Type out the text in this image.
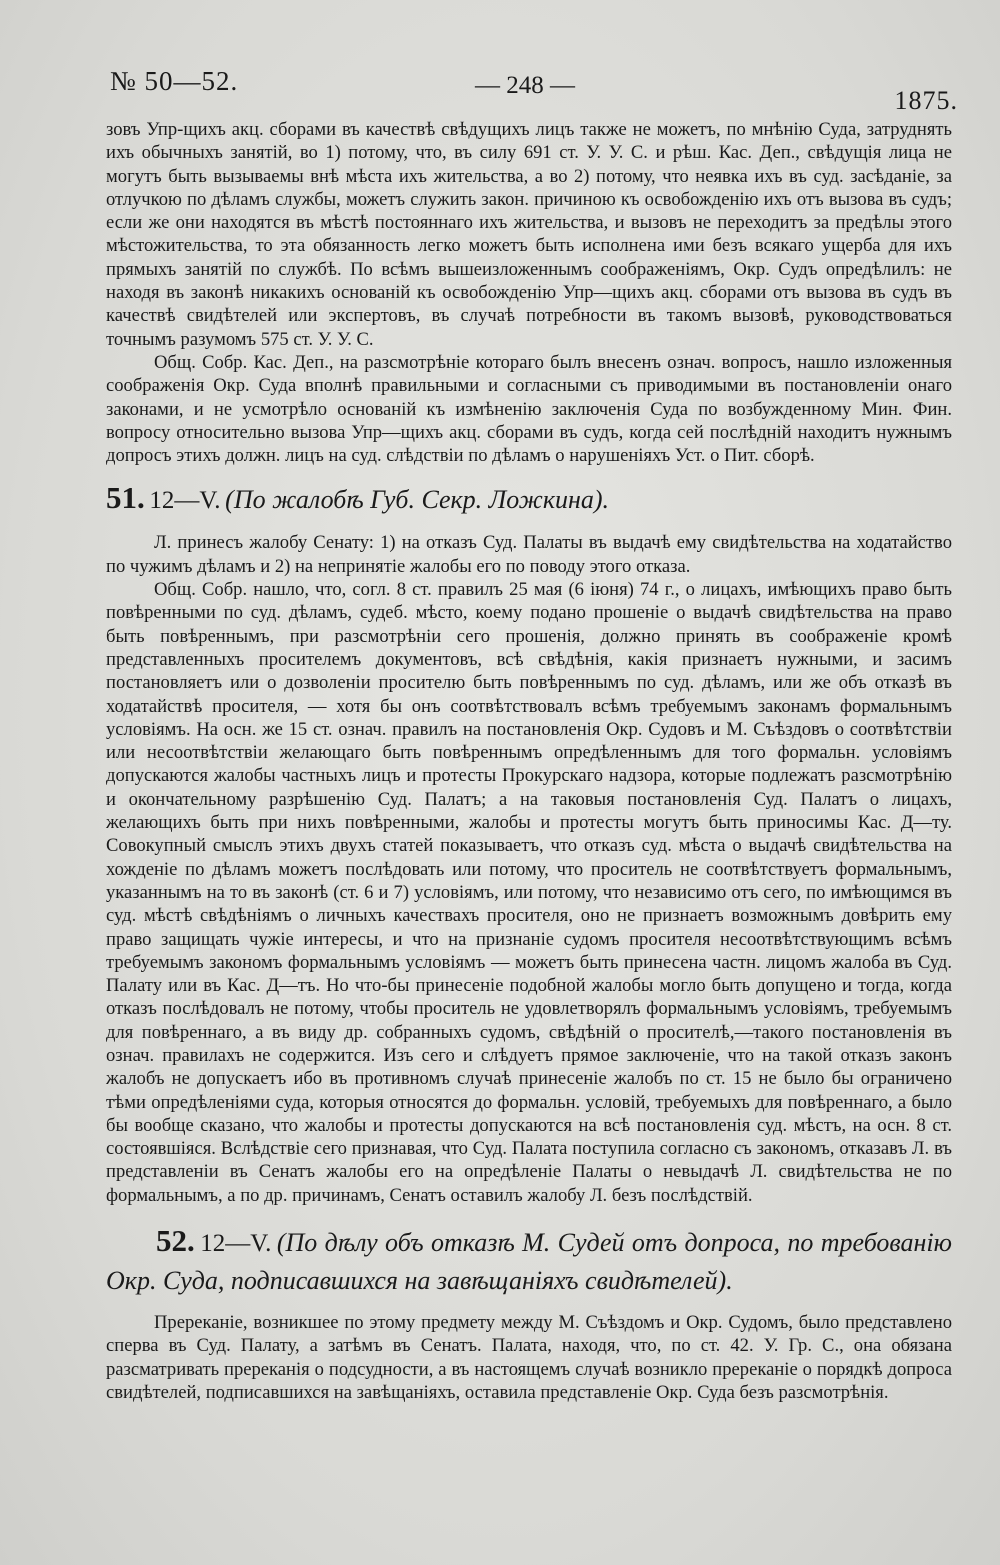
№ 50—52.	— 248 —
1875.

зовъ Упр-щихъ акц. сборами въ качествѣ свѣдущихъ лицъ также не можетъ, по мнѣнію Суда, затруднять ихъ обычныхъ занятій, во 1) потому, что, въ силу 691 ст. У. У. С. и рѣш. Кас. Деп., свѣдущія лица не могутъ быть вызываемы внѣ мѣста ихъ жительства, а во 2) потому, что неявка ихъ въ суд. засѣданіе, за отлучкою по дѣламъ службы, можетъ служить закон. причиною къ освобожденію ихъ отъ вызова въ судъ; если же они находятся въ мѣстѣ постояннаго ихъ жительства, и вызовъ не переходитъ за предѣлы этого мѣстожительства, то эта обязанность легко можетъ быть исполнена ими безъ всякаго ущерба для ихъ прямыхъ занятій по службѣ. По всѣмъ вышеизложеннымъ соображеніямъ, Окр. Судъ опредѣлилъ: не находя въ законѣ никакихъ основаній къ освобожденію Упр—щихъ акц. сборами отъ вызова въ судъ въ качествѣ свидѣтелей или экспертовъ, въ случаѣ потребности въ такомъ вызовѣ, руководствоваться точнымъ разумомъ 575 ст. У. У. С.

Общ. Собр. Кас. Деп., на разсмотрѣніе котораго былъ внесенъ означ. вопросъ, нашло изложенныя соображенія Окр. Суда вполнѣ правильными и согласными съ приводимыми въ постановленіи онаго законами, и не усмотрѣло основаній къ измѣненію заключенія Суда по возбужденному Мин. Фин. вопросу относительно вызова Упр—щихъ акц. сборами въ судъ, когда сей послѣдній находитъ нужнымъ допросъ этихъ должн. лицъ на суд. слѣдствіи по дѣламъ о нарушеніяхъ Уст. о Пит. сборѣ.

51. 12—V. (По жалобѣ Губ. Секр. Ложкина).

Л. принесъ жалобу Сенату: 1) на отказъ Суд. Палаты въ выдачѣ ему свидѣтельства на ходатайство по чужимъ дѣламъ и 2) на непринятіе жалобы его по поводу этого отказа.

Общ. Собр. нашло, что, согл. 8 ст. правилъ 25 мая (6 іюня) 74 г., о лицахъ, имѣющихъ право быть повѣренными по суд. дѣламъ, судеб. мѣсто, коему подано прошеніе о выдачѣ свидѣтельства на право быть повѣреннымъ, при разсмотрѣніи сего прошенія, должно принять въ соображеніе кромѣ представленныхъ просителемъ документовъ, всѣ свѣдѣнія, какія признаетъ нужными, и засимъ постановляетъ или о дозволеніи просителю быть повѣреннымъ по суд. дѣламъ, или же объ отказѣ въ ходатайствѣ просителя, — хотя бы онъ соотвѣтствовалъ всѣмъ требуемымъ законамъ формальнымъ условіямъ. На осн. же 15 ст. означ. правилъ на постановленія Окр. Судовъ и М. Съѣздовъ о соотвѣтствіи или несоотвѣтствіи желающаго быть повѣреннымъ опредѣленнымъ для того формальн. условіямъ допускаются жалобы частныхъ лицъ и протесты Прокурскаго надзора, которые подлежатъ разсмотрѣнію и окончательному разрѣшенію Суд. Палатъ; а на таковыя постановленія Суд. Палатъ о лицахъ, желающихъ быть при нихъ повѣренными, жалобы и протесты могутъ быть приносимы Кас. Д—ту. Совокупный смыслъ этихъ двухъ статей показываетъ, что отказъ суд. мѣста о выдачѣ свидѣтельства на хожденіе по дѣламъ можетъ послѣдовать или потому, что проситель не соотвѣтствуетъ формальнымъ, указаннымъ на то въ законѣ (ст. 6 и 7) условіямъ, или потому, что независимо отъ сего, по имѣющимся въ суд. мѣстѣ свѣдѣніямъ о личныхъ качествахъ просителя, оно не признаетъ возможнымъ довѣрить ему право защищать чужіе интересы, и что на признаніе судомъ просителя несоотвѣтствующимъ всѣмъ требуемымъ закономъ формальнымъ условіямъ — можетъ быть принесена частн. лицомъ жалоба въ Суд. Палату или въ Кас. Д—тъ. Но что-бы принесеніе подобной жалобы могло быть допущено и тогда, когда отказъ послѣдовалъ не потому, чтобы проситель не удовлетворялъ формальнымъ условіямъ, требуемымъ для повѣреннаго, а въ виду др. собранныхъ судомъ, свѣдѣній о просителѣ,—такого постановленія въ означ. правилахъ не содержится. Изъ сего и слѣдуетъ прямое заключеніе, что на такой отказъ законъ жалобъ не допускаетъ ибо въ противномъ случаѣ принесеніе жалобъ по ст. 15 не было бы ограничено тѣми опредѣленіями суда, которыя относятся до формальн. условій, требуемыхъ для повѣреннаго, а было бы вообще сказано, что жалобы и протесты допускаются на всѣ постановленія суд. мѣстъ, на осн. 8 ст. состоявшіяся. Вслѣдствіе сего признавая, что Суд. Палата поступила согласно съ закономъ, отказавъ Л. въ представленіи въ Сенатъ жалобы его на опредѣленіе Палаты о невыдачѣ Л. свидѣтельства не по формальнымъ, а по др. причинамъ, Сенатъ оставилъ жалобу Л. безъ послѣдствій.

52. 12—V. (По дѣлу объ отказѣ М. Судей отъ допроса, по требованію Окр. Суда, подписавшихся на завѣщаніяхъ свидѣтелей).

Пререканіе, возникшее по этому предмету между М. Съѣздомъ и Окр. Судомъ, было представлено сперва въ Суд. Палату, а затѣмъ въ Сенатъ. Палата, находя, что, по ст. 42. У. Гр. С., она обязана разсматривать пререканія о подсудности, а въ настоящемъ случаѣ возникло пререканіе о порядкѣ допроса свидѣтелей, подписавшихся на завѣщаніяхъ, оставила представленіе Окр. Суда безъ разсмотрѣнія.
